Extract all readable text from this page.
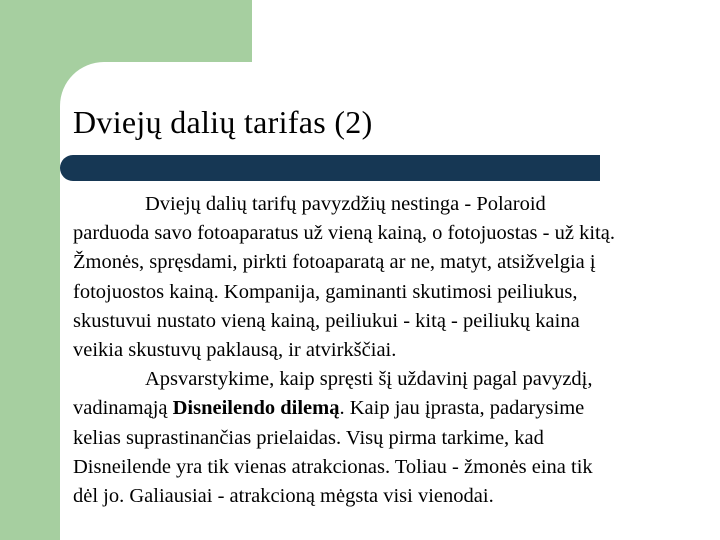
Dviejų dalių tarifas (2)

Dviejų dalių tarifų pavyzdžių nestinga - Polaroid
parduoda savo fotoaparatus už vieną kainą, o fotojuostas - už kitą.
Žmonės, spręsdami, pirkti fotoaparatą ar ne, matyt, atsižvelgia į
fotojuostos kainą. Kompanija, gaminanti skutimosi peiliukus,
skustuvui nustato vieną kainą, peiliukui - kitą - peiliukų kaina
veikia skustuvų paklausą, ir atvirkščiai.

Apsvarstykime, kaip spręsti šį uždavinį pagal pavyzdį,
vadinamąją Disneilendo dilemą. Kaip jau įprasta, padarysime
kelias suprastinančias prielaidas. Visų pirma tarkime, kad
Disneilende yra tik vienas atrakcionas. Toliau - žmonės eina tik
dėl jo. Galiausiai - atrakcioną mėgsta visi vienodai.
